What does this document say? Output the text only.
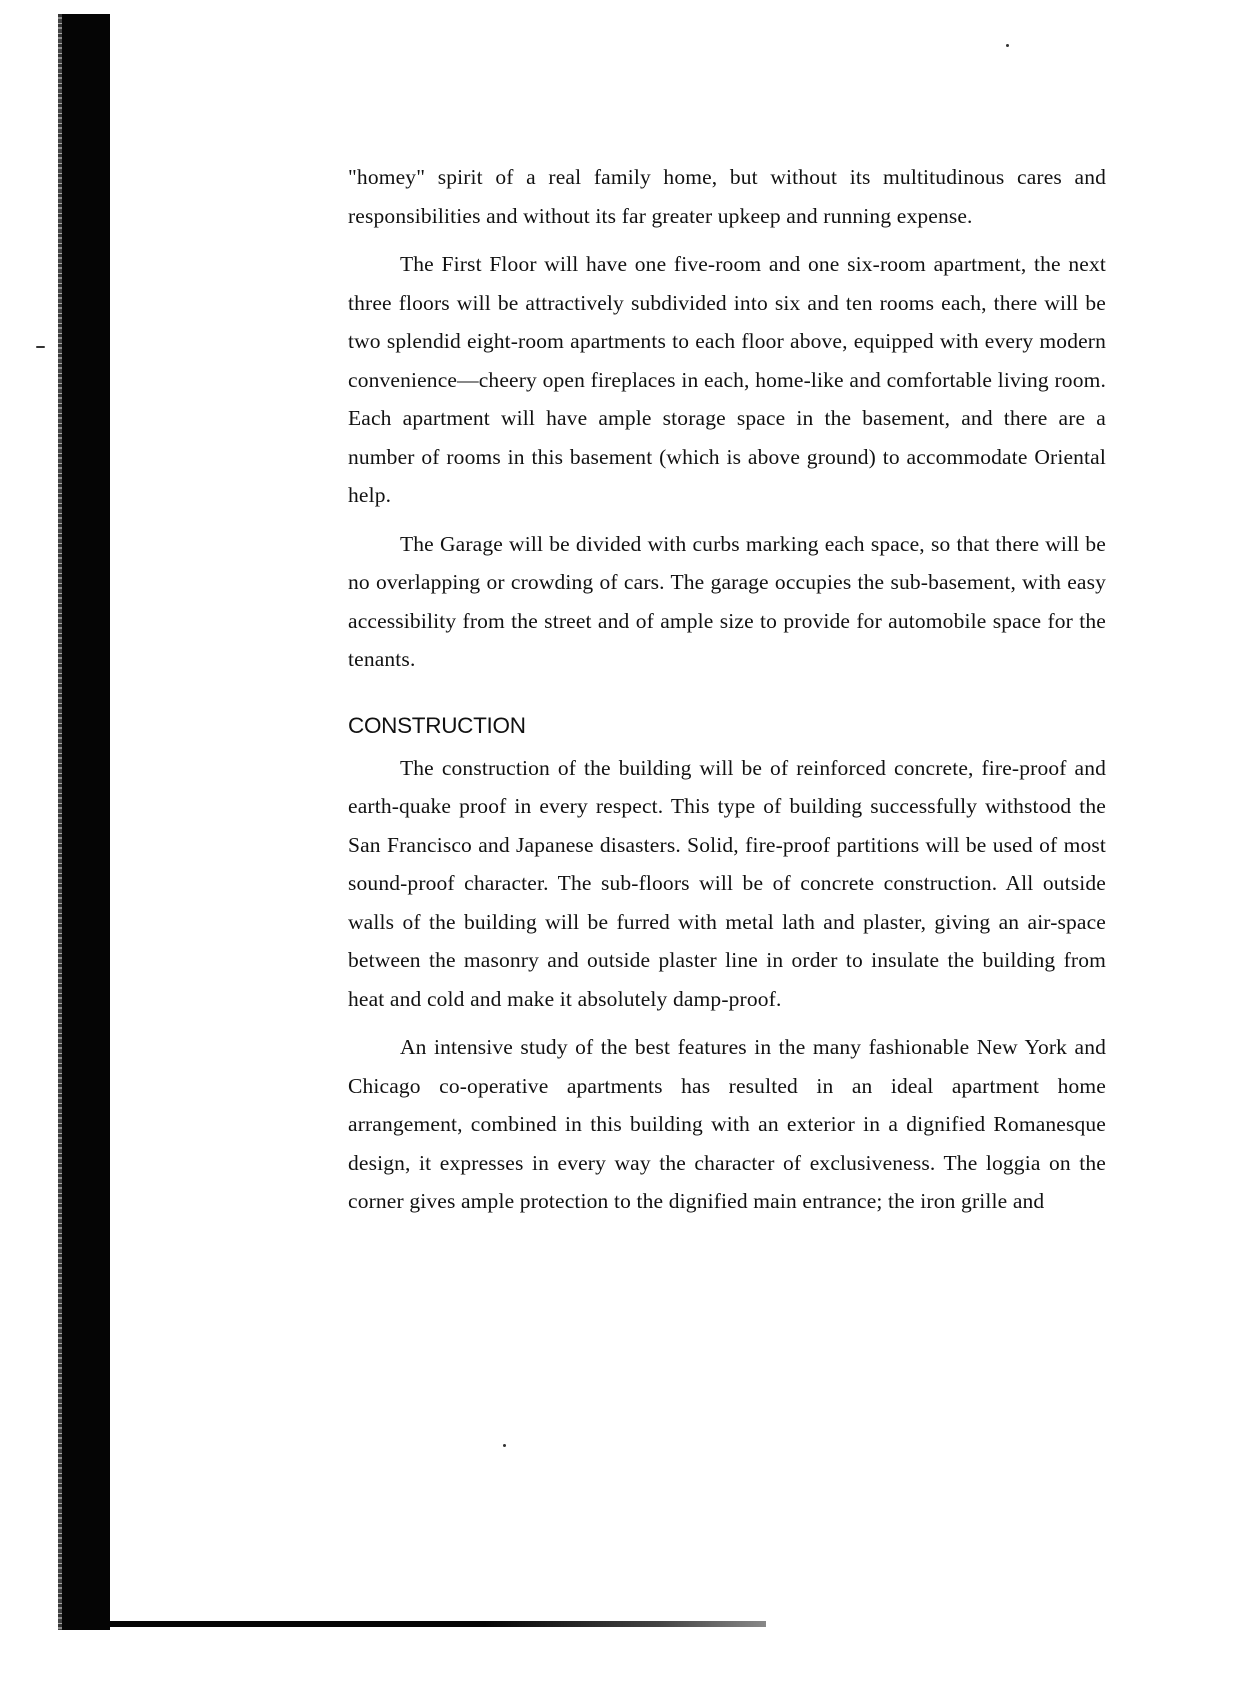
"homey" spirit of a real family home, but without its multitudinous cares and responsibilities and without its far greater upkeep and running expense.

The First Floor will have one five-room and one six-room apartment, the next three floors will be attractively subdivided into six and ten rooms each, there will be two splendid eight-room apartments to each floor above, equipped with every modern convenience—cheery open fireplaces in each, home-like and comfortable living room. Each apartment will have ample storage space in the basement, and there are a number of rooms in this basement (which is above ground) to accommodate Oriental help.

The Garage will be divided with curbs marking each space, so that there will be no overlapping or crowding of cars. The garage occupies the sub-basement, with easy accessibility from the street and of ample size to provide for automobile space for the tenants.

CONSTRUCTION

The construction of the building will be of reinforced concrete, fire-proof and earth-quake proof in every respect. This type of building successfully withstood the San Francisco and Japanese disasters. Solid, fire-proof partitions will be used of most sound-proof character. The sub-floors will be of concrete construction. All outside walls of the building will be furred with metal lath and plaster, giving an air-space between the masonry and outside plaster line in order to insulate the building from heat and cold and make it absolutely damp-proof.

An intensive study of the best features in the many fashionable New York and Chicago co-operative apartments has resulted in an ideal apartment home arrangement, combined in this building with an exterior in a dignified Romanesque design, it expresses in every way the character of exclusiveness. The loggia on the corner gives ample protection to the dignified main entrance; the iron grille and
